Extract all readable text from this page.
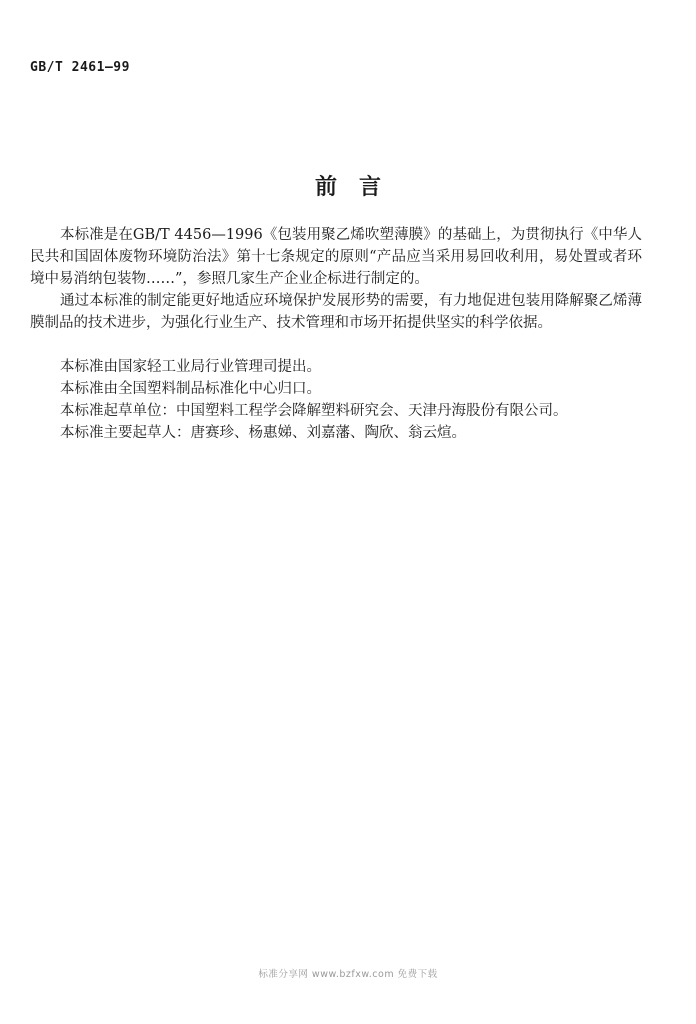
GB/T 2461—99
前言

本标准是在GB/T 4456—1996《包装用聚乙烯吹塑薄膜》的基础上，为贯彻执行《中华人民共和国固体废物环境防治法》第十七条规定的原则“产品应当采用易回收利用，易处置或者环境中易消纳包装物……”，参照几家生产企业企标进行制定的。

通过本标准的制定能更好地适应环境保护发展形势的需要，有力地促进包装用降解聚乙烯薄膜制品的技术进步，为强化行业生产、技术管理和市场开拓提供坚实的科学依据。

本标准由国家轻工业局行业管理司提出。

本标准由全国塑料制品标准化中心归口。

本标准起草单位：中国塑料工程学会降解塑料研究会、天津丹海股份有限公司。

本标准主要起草人：唐赛珍、杨惠娣、刘嘉藩、陶欣、翁云煊。

标准分享网 www.bzfxw.com 免费下载
